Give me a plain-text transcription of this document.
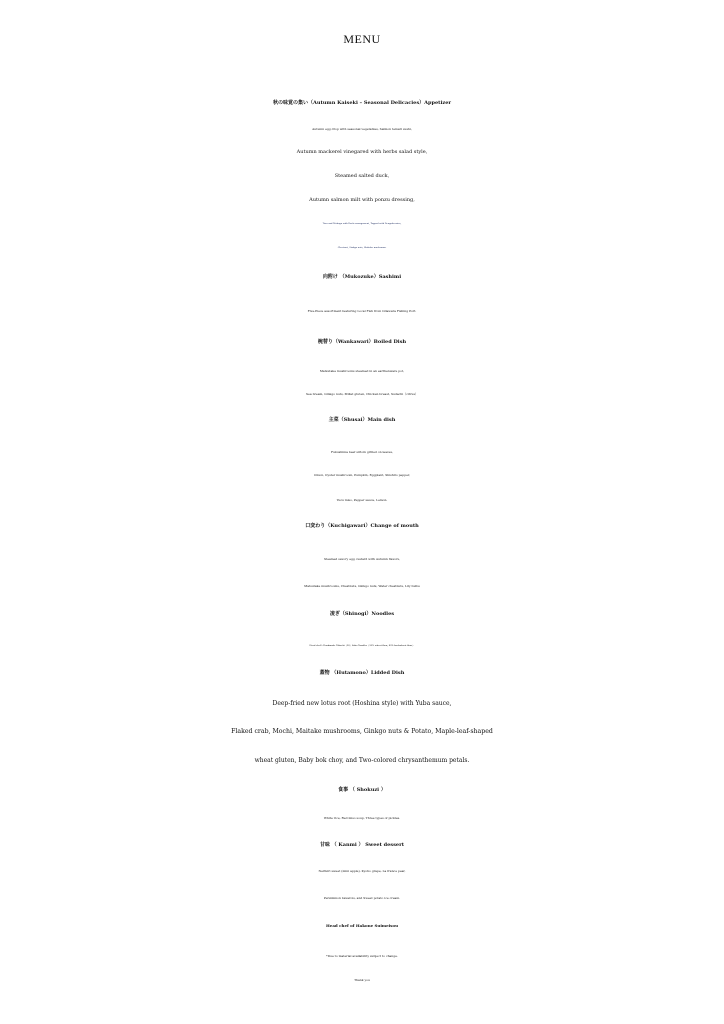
MENU
秋の味覚の集い（Autumn Kaiseki – Seasonal Delicacies）Appetizer
Autumn egg drop with seasonal vegetables, Salmon temari sushi,
Autumn mackerel vinegared with herbs salad style,
Steamed salted duck,
Autumn salmon milt with ponzu dressing,
Taro and Mukago with Rock arrangement, Topped with Dengaku miso,
Chestnut, Ginkgo nuts, Shiitake mushroom.
向附け （Mukozuke）Sashimi
Five-Piece assortment featuring Local Fish from Odawara Fishing Port.
椀替り（Wankawari）Boiled Dish
Matsutake mushrooms steamed in an earthenware pot,
Sea bream, Ginkgo nuts, Millet gluten, Chicken breast, Sudachi（citrus）
主菜（Shusai）Main dish
Fukushima beef sirloin grilled on leaves,
Onion, Oyster mushroom, Pumpkin, Eggplant, Shishito pepper,
Yuzu miso, Pepper sauce, Lemon.
口変わり（Kuchigawari）Change of mouth
Steamed savory egg custard with Autumn flavors,
Matsutake mushrooms, Chestnuts, Ginkgo nuts, Water chestnuts, Lily bulbs
凌ぎ（Shinogi）Noodles
Head chef's Handmade Nihachi（28）Soba Noodles（20% wheat flour, 80% buckwheat flour）
蓋物 （Hutamono）Lidded Dish
Deep-fried new lotus root (Hoshina style) with Yuba sauce,
Flaked crab, Mochi, Maitake mushrooms, Ginkgo nuts & Potato, Maple-leaf-shaped
wheat gluten, Baby bok choy, and Two-colored chrysanthemum petals.
食事 （ Shokuzi ）
White rice, Red miso soup, Three types of pickles.
甘味 （ Kanmi ） Sweet dessert
Nerikiri sweet (mini apple), Kyoho grape, La france pear,
Persimmon bavarois, and Sweet potato ice cream.
Head chef of Hakone Suimeisou
*Due to material availability subject to change.
Thank you
